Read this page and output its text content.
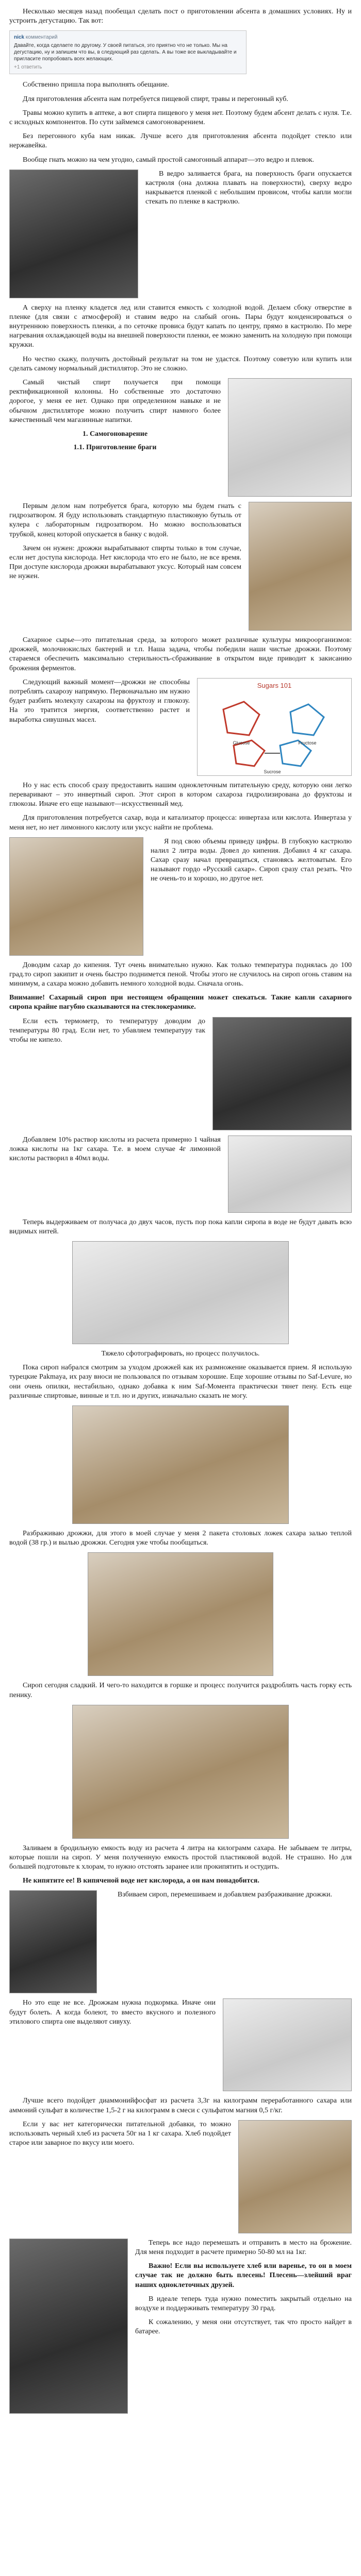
Несколько месяцев назад пообещал сделать пост о приготовлении абсента в домашних условиях. Ну и устроить дегустацию. Так вот:

nick комментарий
Давайте, когда сделаете по другому. У своей питаться, это приятно что не только. Мы на дегустацию, ну и запишем что вы, в следующий раз сделать. А вы тоже все выкладывайте и пригласите попробовать всех желающих.
+1 ответить

Собственно пришла пора выполнять обещание.

Для приготовления абсента нам потребуется пищевой спирт, травы и перегонный куб.

Травы можно купить в аптеке, а вот спирта пищевого у меня нет. Поэтому будем абсент делать с нуля. Т.е. с исходных компонентов. По сути займемся самогоноварением.

Без перегонного куба нам никак. Лучше всего для приготовления абсента подойдет стекло или нержавейка.

Вообще гнать можно на чем угодно, самый простой самогонный аппарат—это ведро и плевок.

В ведро заливается брага, на поверхность браги опускается кастрюля (она должна плавать на поверхности), сверху ведро накрывается пленкой с небольшим провисом, чтобы капли могли стекать по пленке в кастрюлю.

А сверху на пленку кладется лед или ставится емкость с холодной водой. Делаем сбоку отверстие в пленке (для связи с атмосферой) и ставим ведро на слабый огонь. Пары будут конденсироваться о внутреннюю поверхность пленки, а по сеточке провиса будут капать по центру, прямо в кастрюлю. По мере нагревания охлаждающей воды на внешней поверхности пленки, ее можно заменить на холодную при помощи кружки.

Но честно скажу, получить достойный результат на том не удастся. Поэтому советую или купить или сделать самому нормальный дистиллятор. Это не сложно.

Самый чистый спирт получается при помощи ректификационной колонны. Но собственные это достаточно дорогое, у меня ее нет. Однако при определенном навыке и не обычном дистилляторе можно получить спирт намного более качественный чем магазинные напитки.

1. Самогоноварение

1.1. Приготовление браги

Первым делом нам потребуется брага, которую мы будем гнать с гидрозатвором. Я буду использовать стандартную пластиковую бутыль от кулера с лабораторным гидрозатвором. Но можно воспользоваться трубкой, конец которой опускается в банку с водой.

Зачем он нужен: дрожжи вырабатывают спирты только в том случае, если нет доступа кислорода. Нет кислорода что его не было, не все время. При доступе кислорода дрожжи вырабатывают уксус. Который нам совсем не нужен.

Сахарное сырье—это питательная среда, за которого может различные культуры микроорганизмов: дрожжей, молочнокислых бактерий и т.п. Наша задача, чтобы победили наши чистые дрожжи. Поэтому стараемся обеспечить максимально стерильность-сбраживание в открытом виде приводит к закисанию брожения ферментов.

Следующий важный момент—дрожжи не способны потреблять сахарозу напрямую. Первоначально им нужно будет разбить молекулу сахарозы на фруктозу и глюкозу. На это тратится энергия, соответственно растет и выработка сивушных масел.

Sugars 101
Glucose	Fructose
Sucrose

Но у нас есть способ сразу предоставить нашим одноклеточным питательную среду, которую они легко переваривают – это инвертный сироп. Этот сироп в котором сахароза гидролизирована до фруктозы и глюкозы. Иначе его еще называют—искусственный мед.

Для приготовления потребуется сахар, вода и катализатор процесса: инвертаза или кислота. Инвертаза у меня нет, но нет лимонного кислоту или уксус найти не проблема.

Я под свою объемы приведу цифры. В глубокую кастрюлю налил 2 литра воды. Довел до кипения. Добавил 4 кг сахара. Сахар сразу начал превращаться, становясь желтоватым. Его называют гордо «Русский сахар». Сироп сразу стал резать. Что не очень-то и хорошо, но другое нет.

Доводим сахар до кипения. Тут очень внимательно нужно. Как только температура поднялась до 100 град.то сироп закипит и очень быстро поднимется пеной. Чтобы этого не случилось на сироп огонь ставим на минимум, а сахара можно добавить немного холодной воды. Сначала огонь.

Внимание! Сахарный сироп при нестоящем обращении может спекаться. Такие капли сахарного сиропа крайне пагубно сказываются на стеклокерамике.

Если есть термометр, то температуру доводим до температуры 80 град. Если нет, то убавляем температуру так чтобы не кипело.

Добавляем 10% раствор кислоты из расчета примерно 1 чайная ложка кислоты на 1кг сахара. Т.е. в моем случае 4г лимонной кислоты растворил в 40мл воды.

Теперь выдерживаем от получаса до двух часов, пусть пор пока капли сиропа в воде не будут давать всю видимых нитей.

Тяжело сфотографировать, но процесс получилось.

Пока сироп набрался смотрим за уходом дрожжей как их размножение оказывается прием. Я использую турецкие Pakmaya, их разу вноси не пользовался по отзывам хорошие. Еще хорошие отзывы по Saf-Levure, но они очень опилки, нестабильно, однако добавка к ним Saf-Момента практически тянет пену. Есть еще различные спиртовые, винные и т.п. но и других, изначально сказать не могу.

Разбраживаю дрожжи, для этого в моей случае у меня 2 пакета столовых ложек сахара залью теплой водой (38 гр.) и вылью дрожжи. Сегодня уже чтобы пообщаться.

Сироп сегодня сладкий. И чего-то находится в горшке и процесс получится раздроблять часть горку есть пенику.

Заливаем в бродильную емкость воду из расчета 4 литра на килограмм сахара. Не забываем те литры, которые пошли на сироп. У меня полученную емкость простой пластиковой водой. Не страшно. Но для большей подготовьте к хлорам, то нужно отстоять заранее или прокипятить и остудить.

Не кипятите ее! В кипяченой воде нет кислорода, а он нам понадобится.

Взбиваем сироп, перемешиваем и добавляем разбраживание дрожжи.

Но это еще не все. Дрожжам нужна подкормка. Иначе они будут болеть. А когда болеют, то вместо вкусного и полезного этилового спирта оне выделяют сивуху.

Лучше всего подойдет диаммонийфосфат из расчета 3,3г на килограмм переработанного сахара или аммоний сульфат в количестве 1,5-2 г на килограмм в смеси с сульфатом магния 0,5 г/кг.

Если у вас нет категорически питательной добавки, то можно использовать черный хлеб из расчета 50г на 1 кг сахара. Хлеб подойдет старое или заварное по вкусу или моего.

Теперь все надо перемешать и отправить в место на брожение. Для меня подходит в расчете примерно 50-80 мл на 1кг.

Важно! Если вы используете хлеб или варенье, то он в моем случае так не должно быть плесень! Плесень—злейший враг наших одноклеточных друзей.

В идеале теперь туда нужно поместить закрытый отдельно на воздухе и поддерживать температуру 30 град.

К сожалению, у меня они отсутствует, так что просто найдет в батарее.
